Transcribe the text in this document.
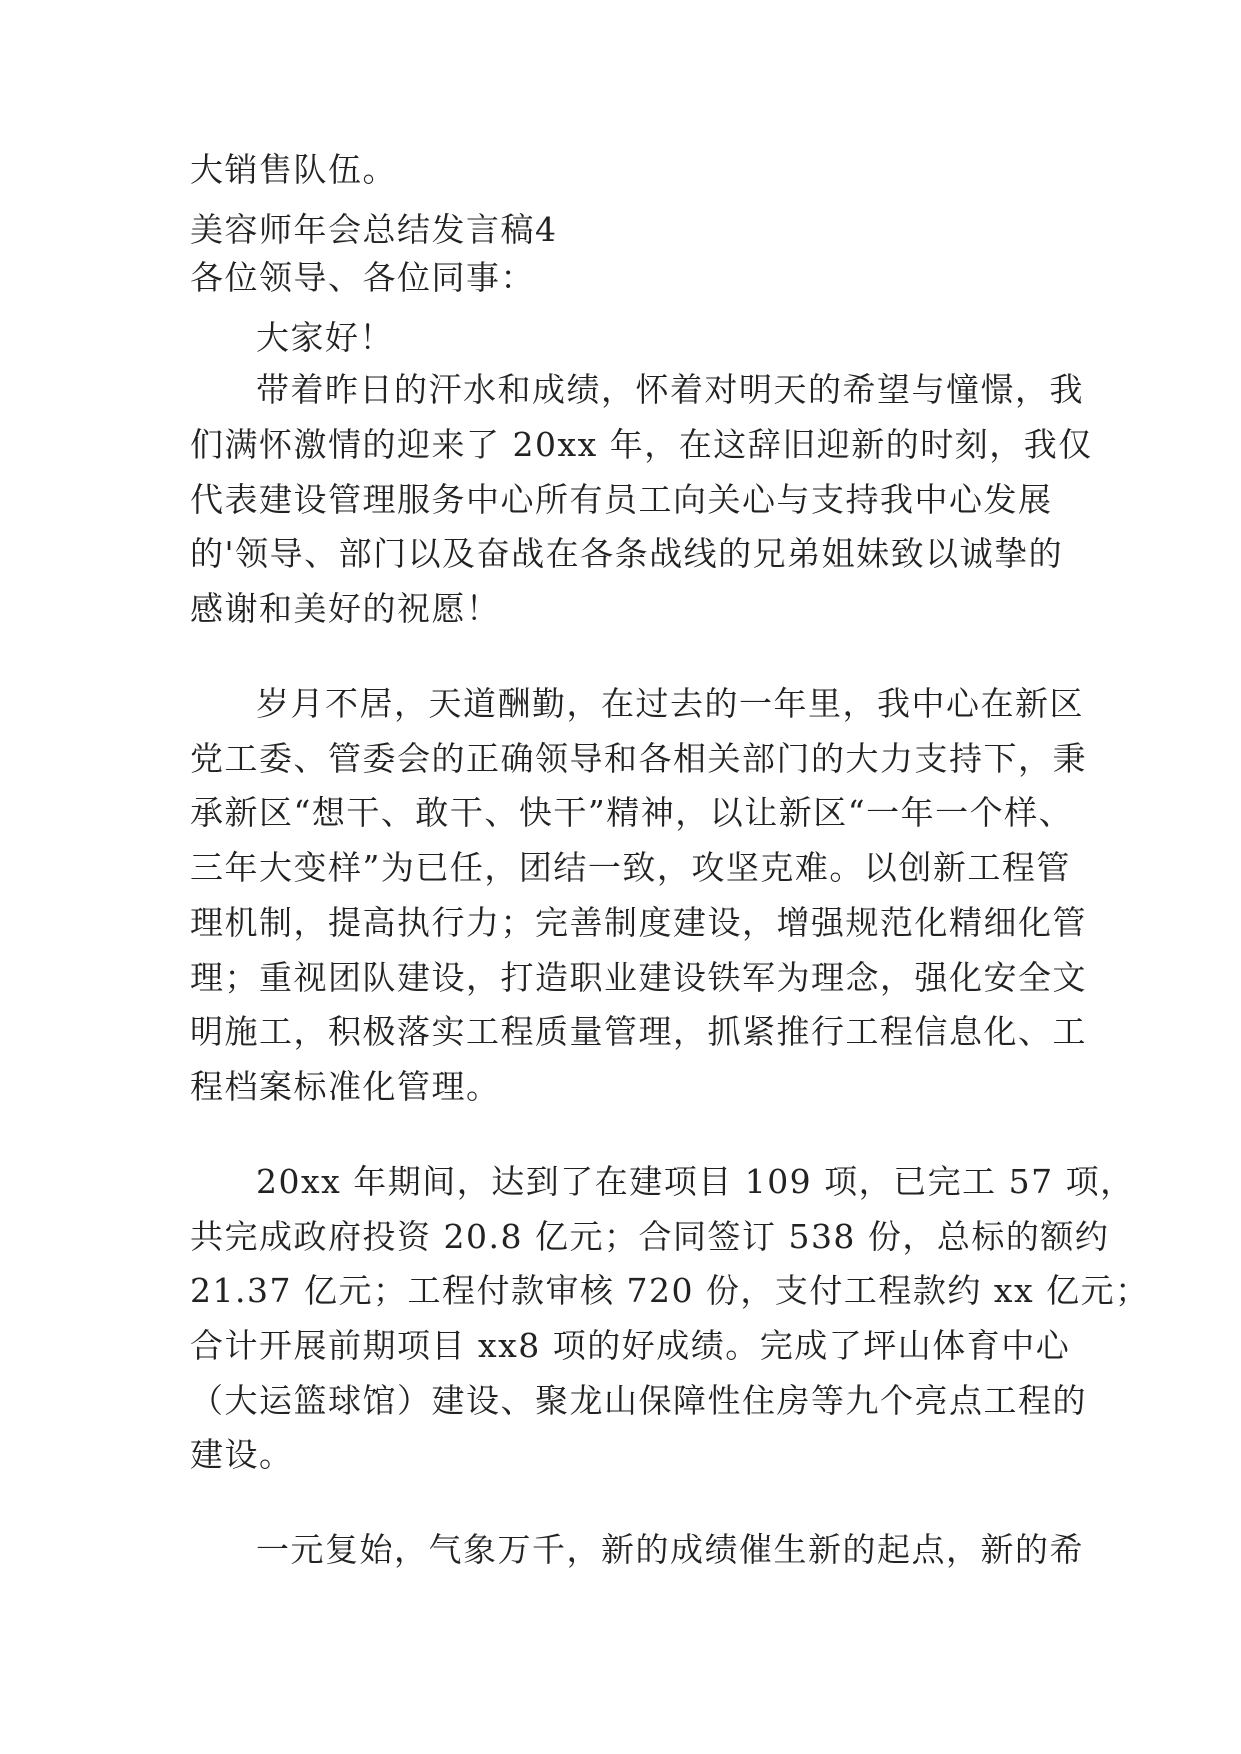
大销售队伍。
美容师年会总结发言稿4
各位领导、各位同事：
大家好！
带着昨日的汗水和成绩，怀着对明天的希望与憧憬，我
们满怀激情的迎来了 20xx 年，在这辞旧迎新的时刻，我仅
代表建设管理服务中心所有员工向关心与支持我中心发展
的'领导、部门以及奋战在各条战线的兄弟姐妹致以诚挚的
感谢和美好的祝愿！
岁月不居，天道酬勤，在过去的一年里，我中心在新区
党工委、管委会的正确领导和各相关部门的大力支持下，秉
承新区“想干、敢干、快干”精神，以让新区“一年一个样、
三年大变样”为已任，团结一致，攻坚克难。以创新工程管
理机制，提高执行力；完善制度建设，增强规范化精细化管
理；重视团队建设，打造职业建设铁军为理念，强化安全文
明施工，积极落实工程质量管理，抓紧推行工程信息化、工
程档案标准化管理。
20xx 年期间，达到了在建项目 109 项，已完工 57 项，
共完成政府投资 20.8 亿元；合同签订 538 份，总标的额约
21.37 亿元；工程付款审核 720 份，支付工程款约 xx 亿元；
合计开展前期项目 xx8 项的好成绩。完成了坪山体育中心
（大运篮球馆）建设、聚龙山保障性住房等九个亮点工程的
建设。
一元复始，气象万千，新的成绩催生新的起点，新的希
